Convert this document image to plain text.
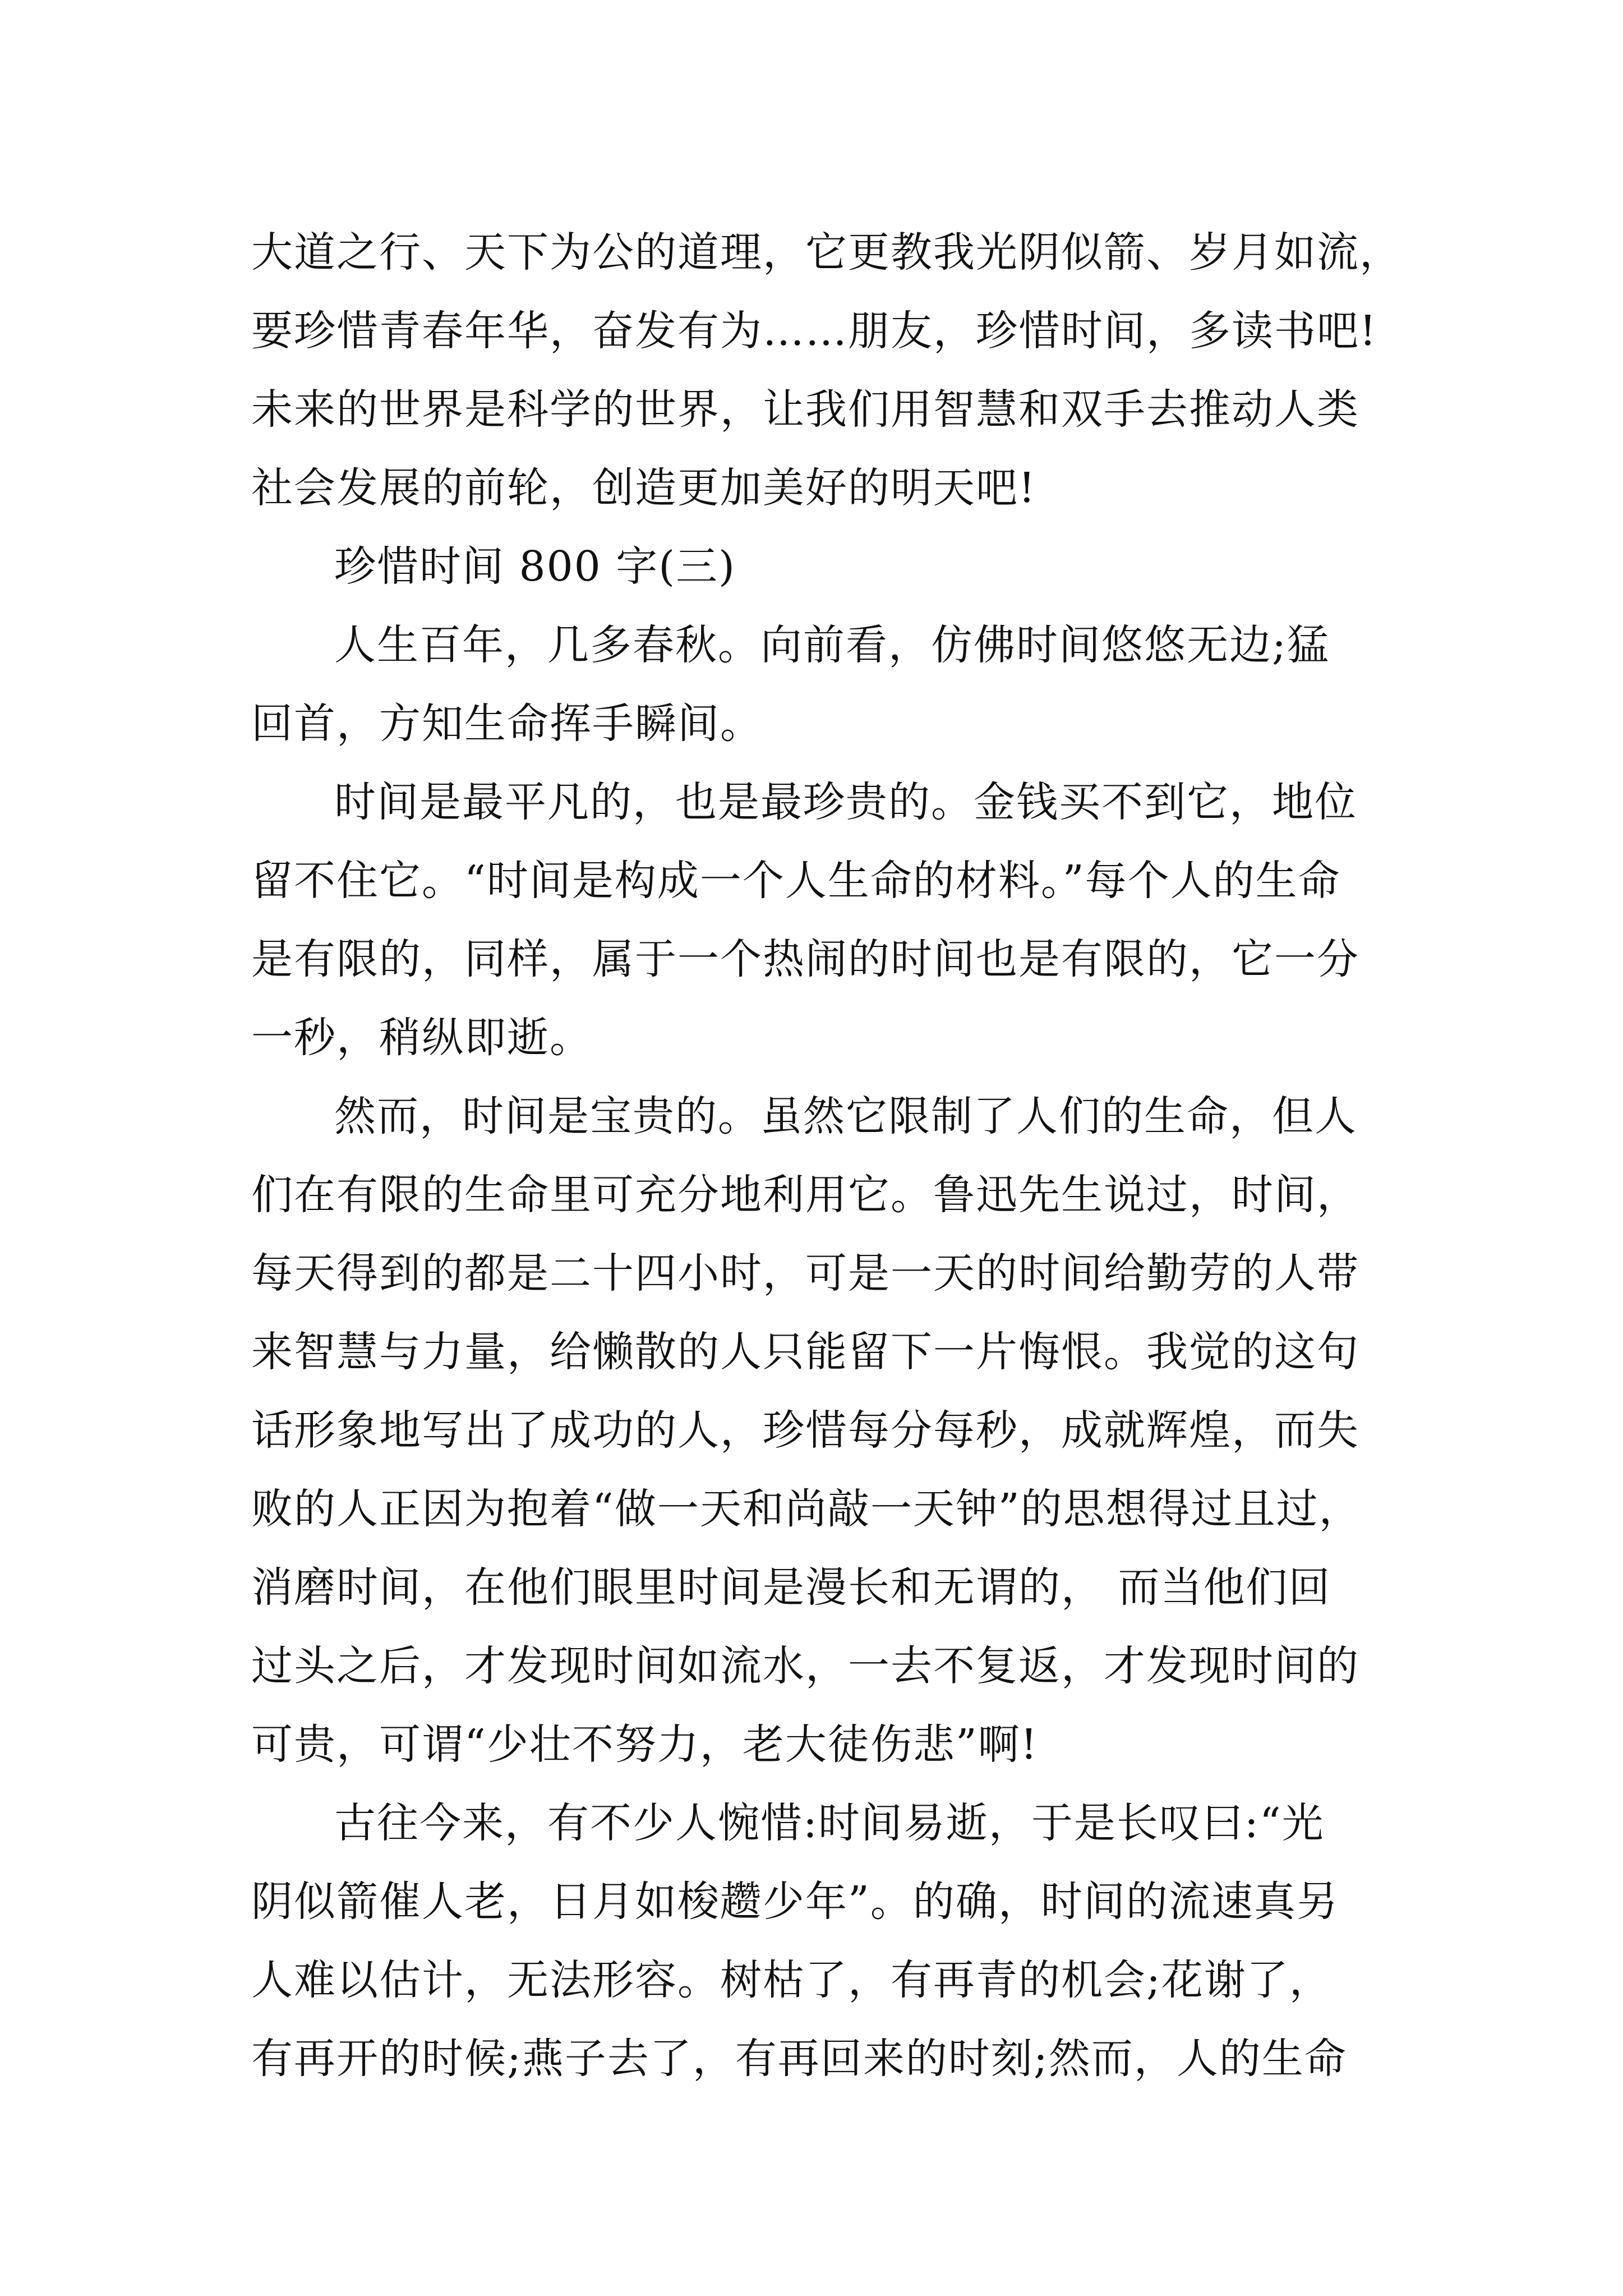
大道之行、天下为公的道理，它更教我光阴似箭、岁月如流，
要珍惜青春年华，奋发有为……朋友，珍惜时间，多读书吧!
未来的世界是科学的世界，让我们用智慧和双手去推动人类
社会发展的前轮，创造更加美好的明天吧!
珍惜时间 800 字(三)
人生百年，几多春秋。向前看，仿佛时间悠悠无边;猛
回首，方知生命挥手瞬间。
时间是最平凡的，也是最珍贵的。金钱买不到它，地位
留不住它。“时间是构成一个人生命的材料。”每个人的生命
是有限的，同样，属于一个热闹的时间也是有限的，它一分
一秒，稍纵即逝。
然而，时间是宝贵的。虽然它限制了人们的生命，但人
们在有限的生命里可充分地利用它。鲁迅先生说过，时间，
每天得到的都是二十四小时，可是一天的时间给勤劳的人带
来智慧与力量，给懒散的人只能留下一片悔恨。我觉的这句
话形象地写出了成功的人，珍惜每分每秒，成就辉煌，而失
败的人正因为抱着“做一天和尚敲一天钟”的思想得过且过，
消磨时间，在他们眼里时间是漫长和无谓的， 而当他们回
过头之后，才发现时间如流水，一去不复返，才发现时间的
可贵，可谓“少壮不努力，老大徒伤悲”啊!
古往今来，有不少人惋惜:时间易逝，于是长叹曰:“光
阴似箭催人老，日月如梭趱少年”。的确，时间的流速真另
人难以估计，无法形容。树枯了，有再青的机会;花谢了，
有再开的时候;燕子去了，有再回来的时刻;然而，人的生命
